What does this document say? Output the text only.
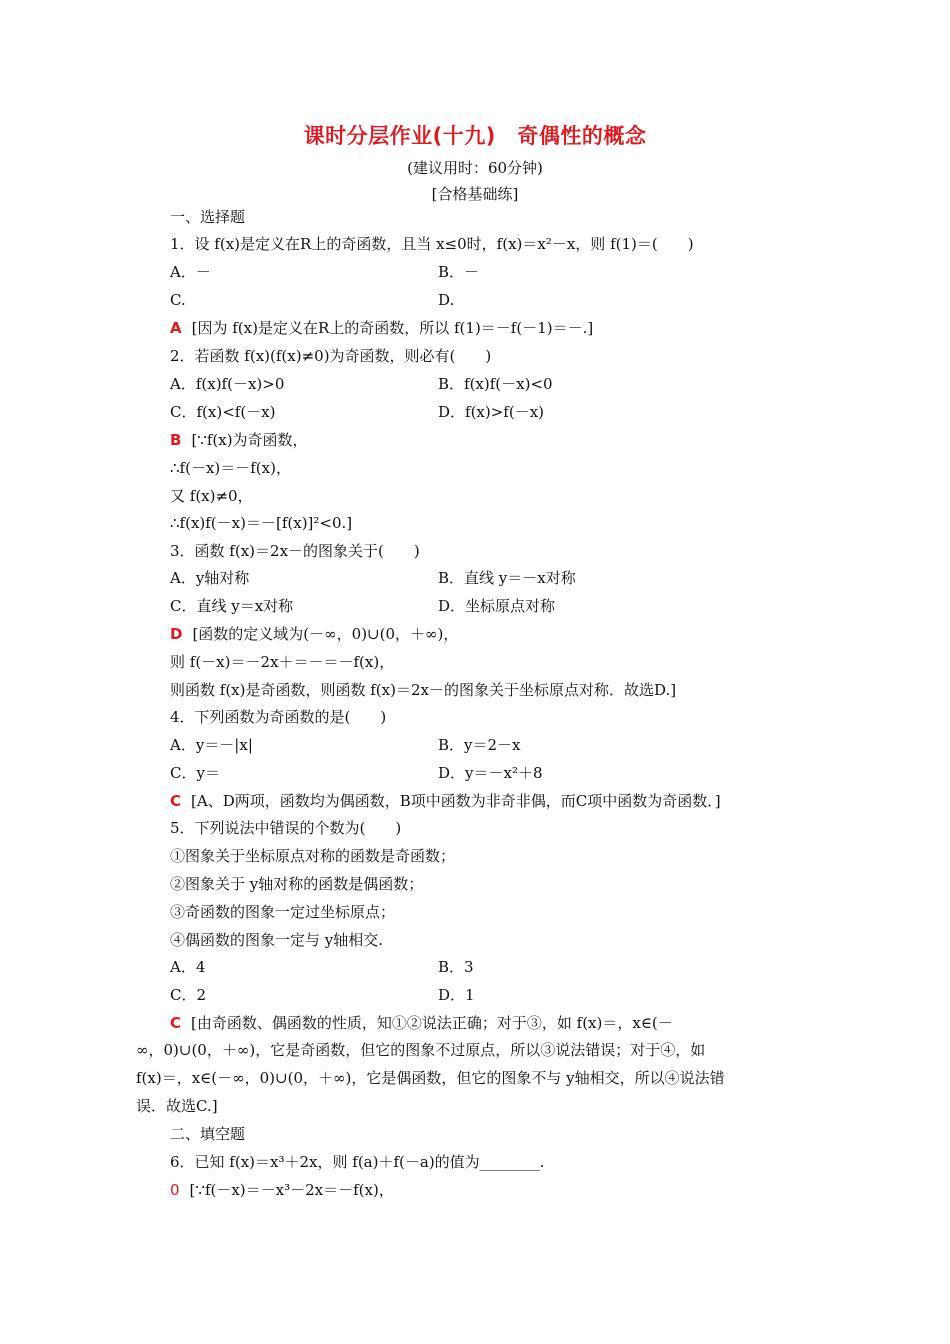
课时分层作业(十九)　奇偶性的概念
(建议用时：60分钟)
[合格基础练]
一、选择题
1．设 f(x)是定义在R上的奇函数，且当 x≤0时，f(x)＝x²－x，则 f(1)＝(　　)
A．－	B．－
C.	D.
A [因为 f(x)是定义在R上的奇函数，所以 f(1)＝－f(－1)＝－.]
2．若函数 f(x)(f(x)≠0)为奇函数，则必有(　　)
A．f(x)f(－x)>0	B．f(x)f(－x)<0
C．f(x)<f(－x)	D．f(x)>f(－x)
B [∵f(x)为奇函数，
∴f(－x)＝－f(x)，
又 f(x)≠0，
∴f(x)f(－x)＝－[f(x)]²<0.]
3．函数 f(x)＝2x－的图象关于(　　)
A．y轴对称	B．直线 y＝－x对称
C．直线 y＝x对称	D．坐标原点对称
D [函数的定义域为(－∞，0)∪(0，＋∞)，
则 f(－x)＝－2x＋＝－＝－f(x)，
则函数 f(x)是奇函数，则函数 f(x)＝2x－的图象关于坐标原点对称．故选D.]
4．下列函数为奇函数的是(　　)
A．y＝－|x|	B．y＝2－x
C．y＝	D．y＝－x²＋8
C [A、D两项，函数均为偶函数，B项中函数为非奇非偶，而C项中函数为奇函数．]
5．下列说法中错误的个数为(　　)
①图象关于坐标原点对称的函数是奇函数；
②图象关于 y轴对称的函数是偶函数；
③奇函数的图象一定过坐标原点；
④偶函数的图象一定与 y轴相交.
A．4	B．3
C．2	D．1
C [由奇函数、偶函数的性质，知①②说法正确；对于③，如 f(x)＝，x∈(－
∞，0)∪(0，＋∞)，它是奇函数，但它的图象不过原点，所以③说法错误；对于④，如
f(x)＝，x∈(－∞，0)∪(0，＋∞)，它是偶函数，但它的图象不与 y轴相交，所以④说法错
误．故选C.]
二、填空题
6．已知 f(x)＝x³＋2x，则 f(a)＋f(－a)的值为________.
0 [∵f(－x)＝－x³－2x＝－f(x)，
